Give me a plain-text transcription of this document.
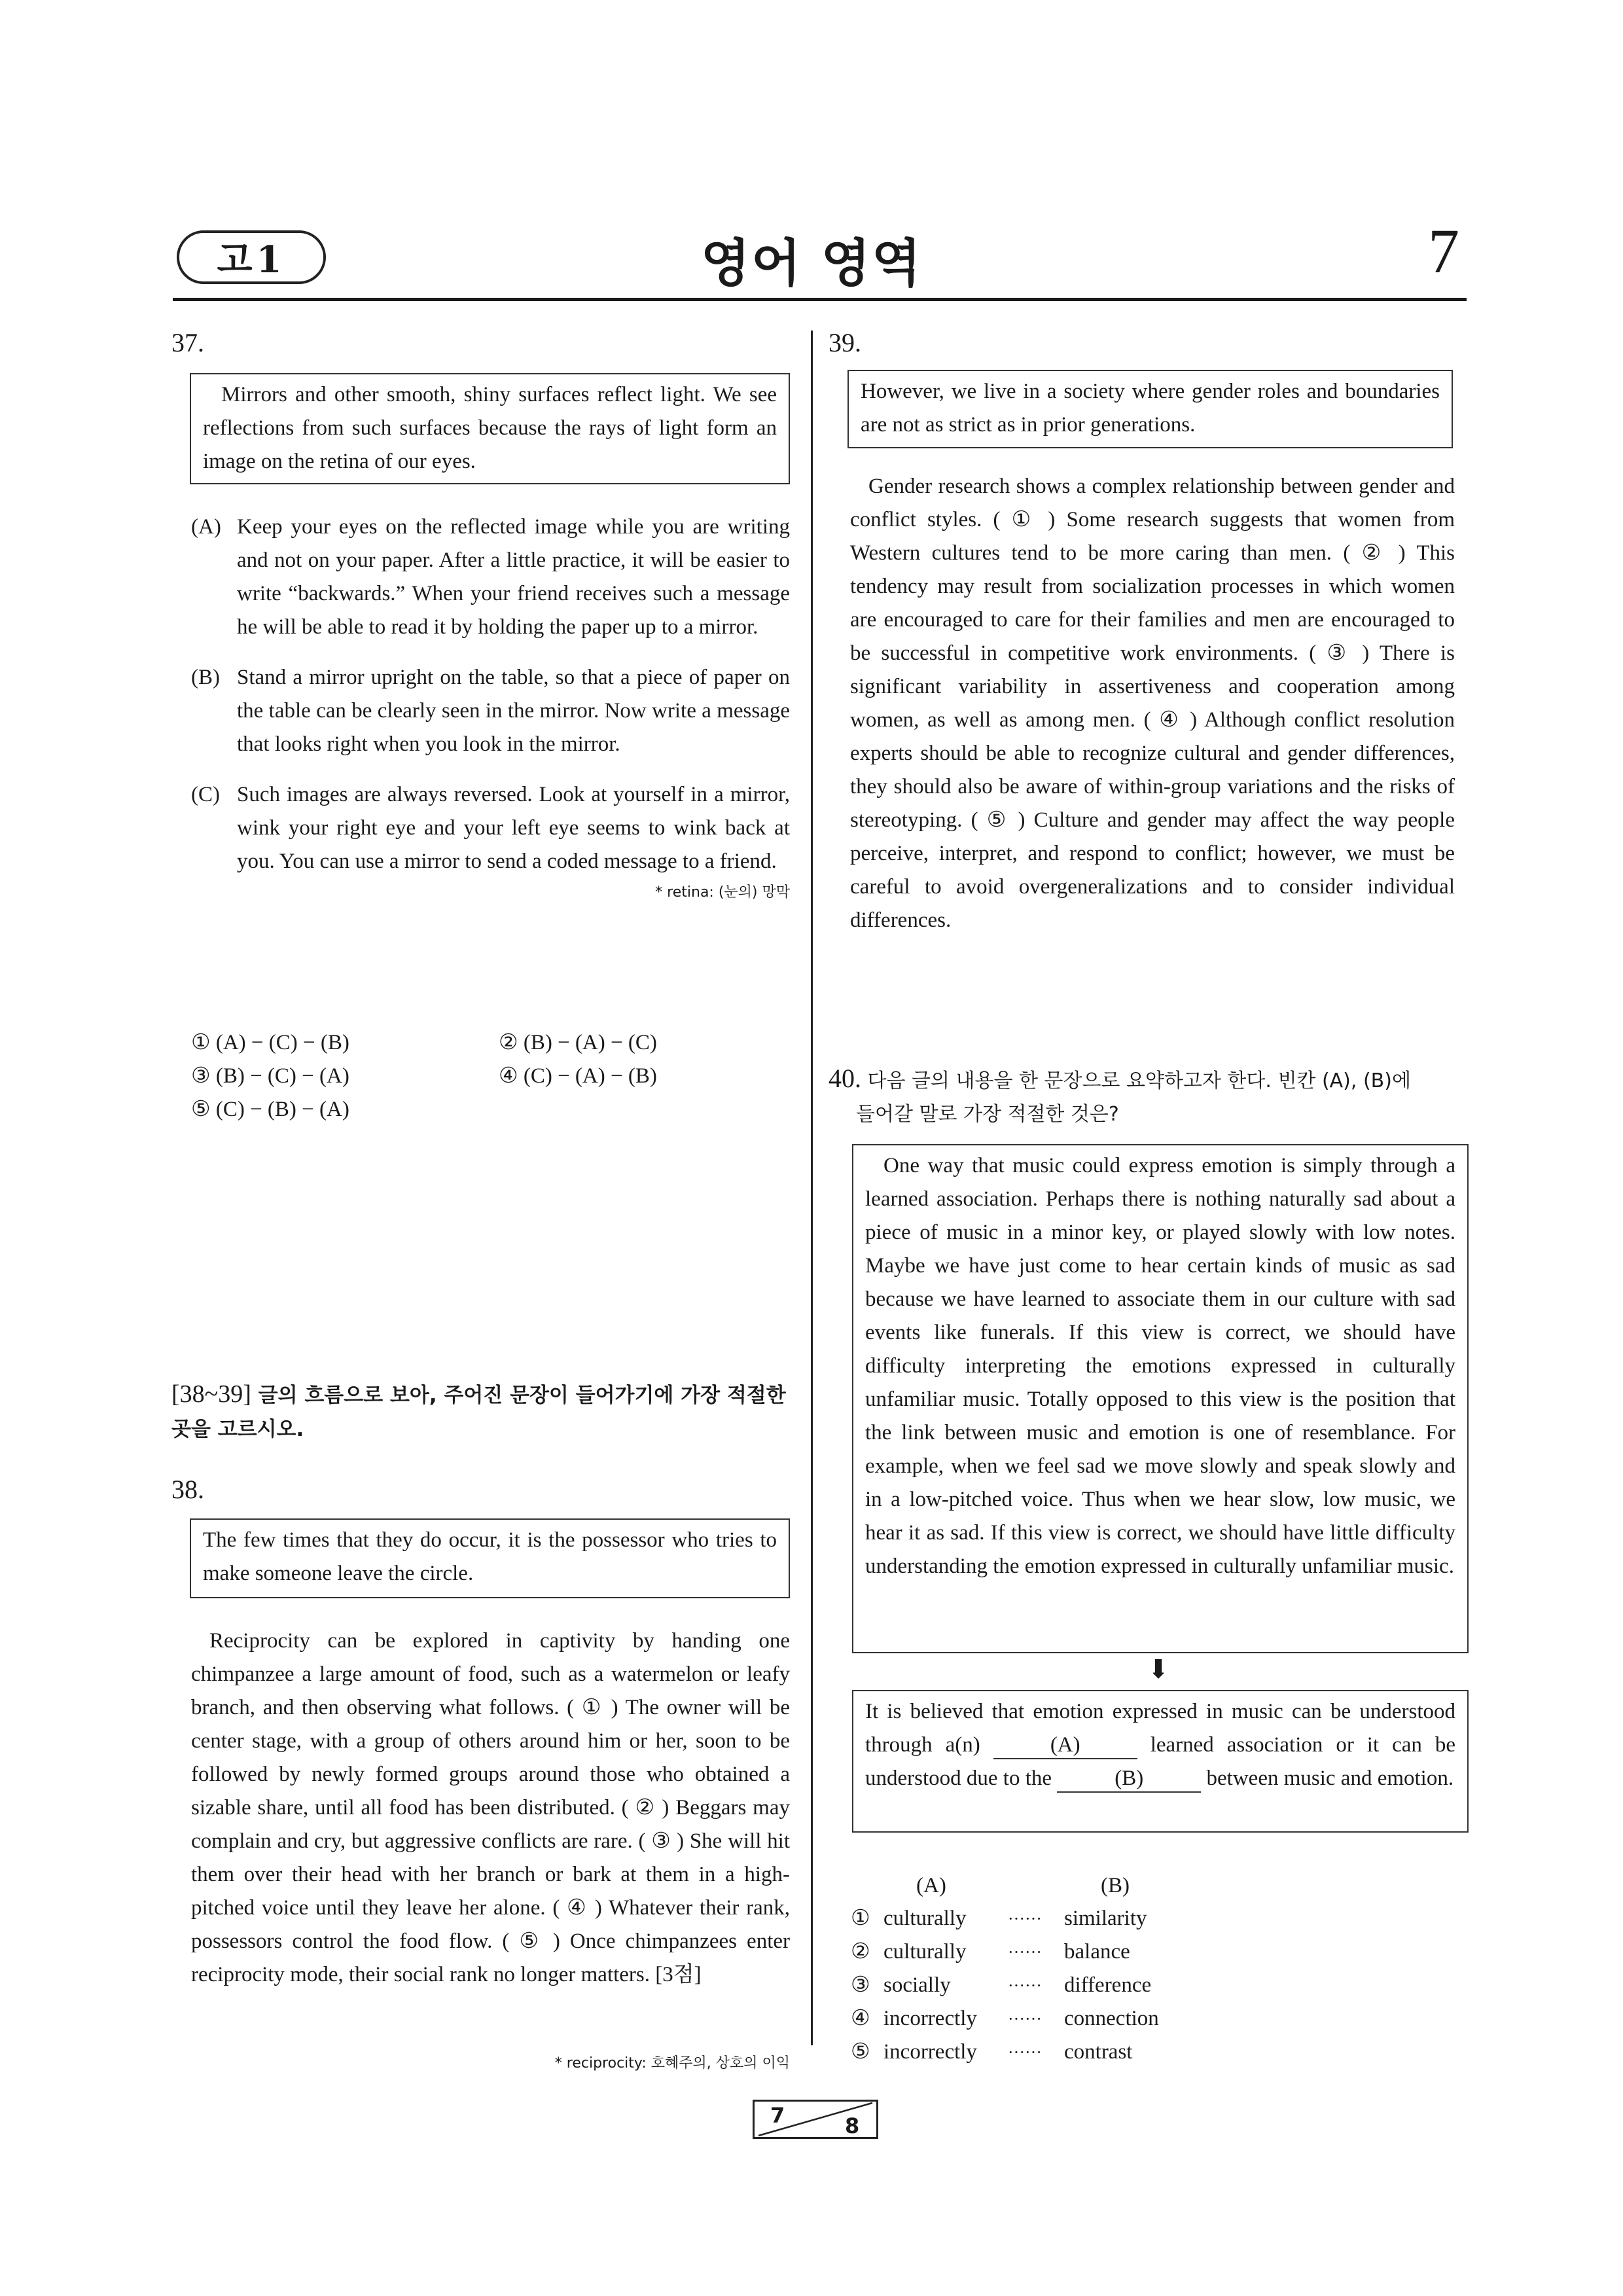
고1	영어 영역	7
37.
Mirrors and other smooth, shiny surfaces reflect light. We see reflections from such surfaces because the rays of light form an image on the retina of our eyes.
(A) Keep your eyes on the reflected image while you are writing and not on your paper. After a little practice, it will be easier to write “backwards.” When your friend receives such a message he will be able to read it by holding the paper up to a mirror.
(B) Stand a mirror upright on the table, so that a piece of paper on the table can be clearly seen in the mirror. Now write a message that looks right when you look in the mirror.
(C) Such images are always reversed. Look at yourself in a mirror, wink your right eye and your left eye seems to wink back at you. You can use a mirror to send a coded message to a friend.
* retina: (눈의) 망막
① (A) − (C) − (B)	② (B) − (A) − (C)
③ (B) − (C) − (A)	④ (C) − (A) − (B)
⑤ (C) − (B) − (A)
[38~39] 글의 흐름으로 보아, 주어진 문장이 들어가기에 가장 적절한 곳을 고르시오.
38.
The few times that they do occur, it is the possessor who tries to make someone leave the circle.
Reciprocity can be explored in captivity by handing one chimpanzee a large amount of food, such as a watermelon or leafy branch, and then observing what follows. ( ① ) The owner will be center stage, with a group of others around him or her, soon to be followed by newly formed groups around those who obtained a sizable share, until all food has been distributed. ( ② ) Beggars may complain and cry, but aggressive conflicts are rare. ( ③ ) She will hit them over their head with her branch or bark at them in a high-pitched voice until they leave her alone. ( ④ ) Whatever their rank, possessors control the food flow. ( ⑤ ) Once chimpanzees enter reciprocity mode, their social rank no longer matters. [3점]
* reciprocity: 호혜주의, 상호의 이익
39.
However, we live in a society where gender roles and boundaries are not as strict as in prior generations.
Gender research shows a complex relationship between gender and conflict styles. ( ① ) Some research suggests that women from Western cultures tend to be more caring than men. ( ② ) This tendency may result from socialization processes in which women are encouraged to care for their families and men are encouraged to be successful in competitive work environments. ( ③ ) There is significant variability in assertiveness and cooperation among women, as well as among men. ( ④ ) Although conflict resolution experts should be able to recognize cultural and gender differences, they should also be aware of within-group variations and the risks of stereotyping. ( ⑤ ) Culture and gender may affect the way people perceive, interpret, and respond to conflict; however, we must be careful to avoid overgeneralizations and to consider individual differences.
40. 다음 글의 내용을 한 문장으로 요약하고자 한다. 빈칸 (A), (B)에
들어갈 말로 가장 적절한 것은?
One way that music could express emotion is simply through a learned association. Perhaps there is nothing naturally sad about a piece of music in a minor key, or played slowly with low notes. Maybe we have just come to hear certain kinds of music as sad because we have learned to associate them in our culture with sad events like funerals. If this view is correct, we should have difficulty interpreting the emotions expressed in culturally unfamiliar music. Totally opposed to this view is the position that the link between music and emotion is one of resemblance. For example, when we feel sad we move slowly and speak slowly and in a low-pitched voice. Thus when we hear slow, low music, we hear it as sad. If this view is correct, we should have little difficulty understanding the emotion expressed in culturally unfamiliar music.
⬇
It is believed that emotion expressed in music can be understood through a(n)	(A)	learned association or it can be understood due to the	(B)	between music and emotion.
(A)	(B)
① culturally	······	similarity
② culturally	······	balance
③ socially	······	difference
④ incorrectly	······	connection
⑤ incorrectly	······	contrast
7	8
